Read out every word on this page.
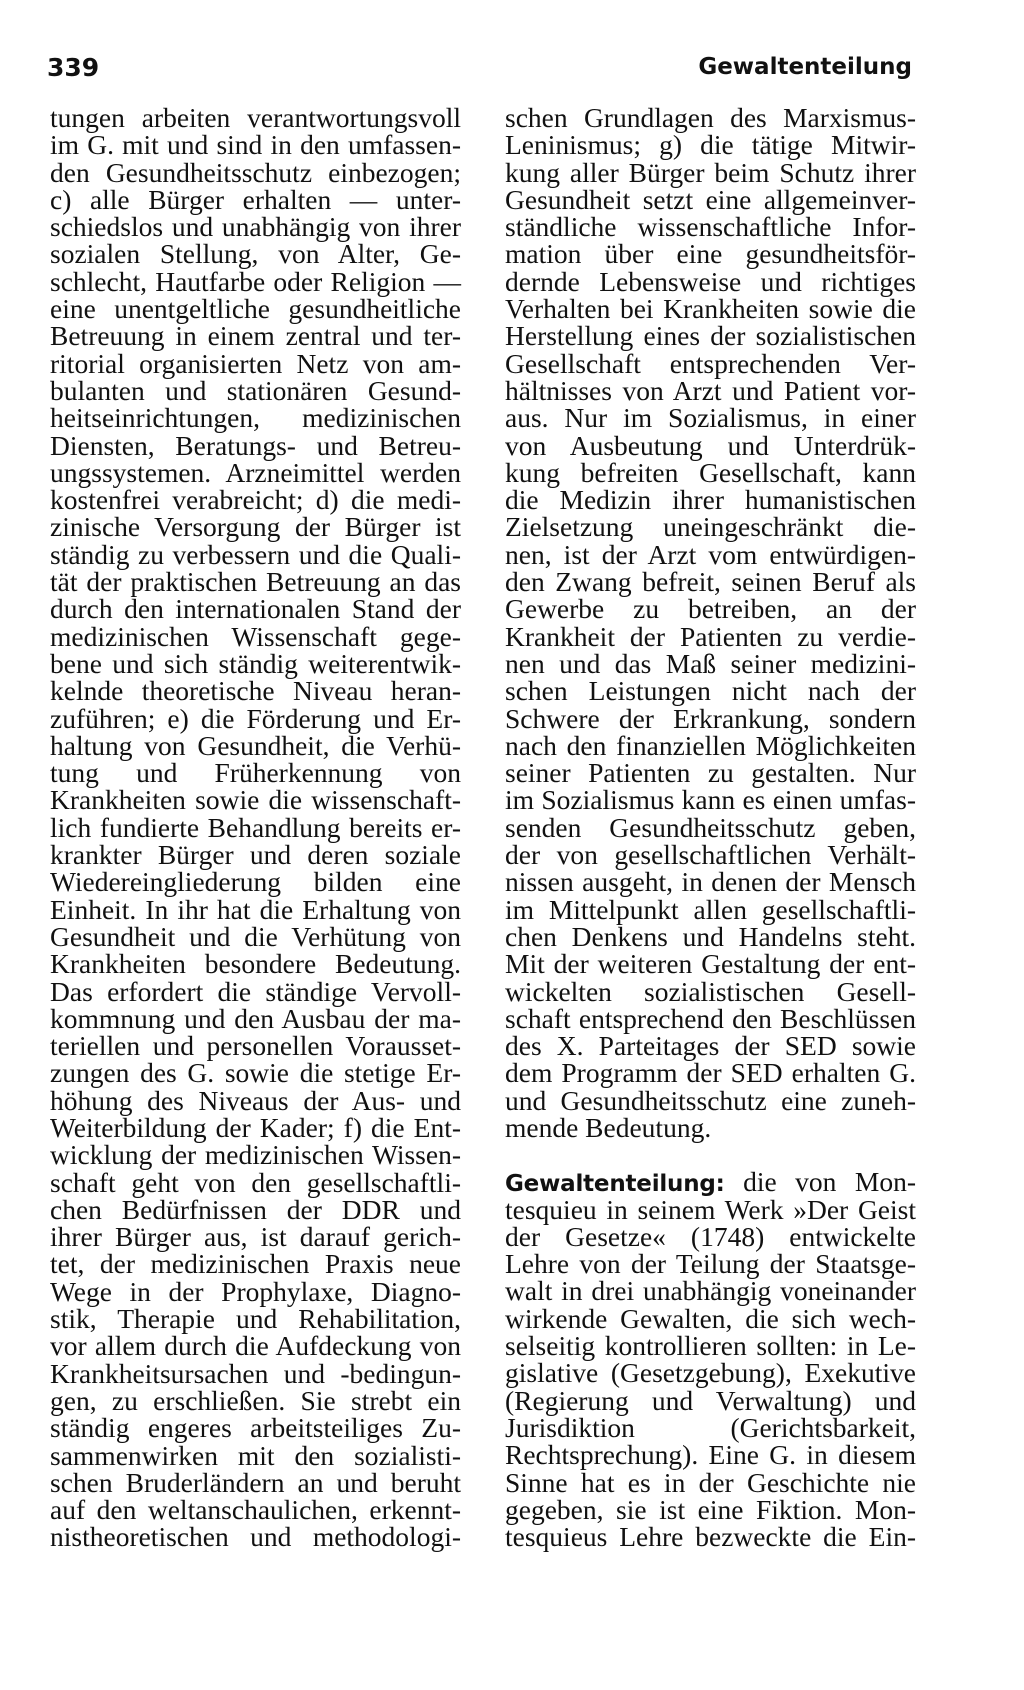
339	Gewaltenteilung
tungen arbeiten verantwortungsvoll
im G. mit und sind in den umfassen-
den Gesundheitsschutz einbezogen;
c) alle Bürger erhalten — unter-
schiedslos und unabhängig von ihrer
sozialen Stellung, von Alter, Ge-
schlecht, Hautfarbe oder Religion —
eine unentgeltliche gesundheitliche
Betreuung in einem zentral und ter-
ritorial organisierten Netz von am-
bulanten und stationären Gesund-
heitseinrichtungen, medizinischen
Diensten, Beratungs- und Betreu-
ungssystemen. Arzneimittel werden
kostenfrei verabreicht; d) die medi-
zinische Versorgung der Bürger ist
ständig zu verbessern und die Quali-
tät der praktischen Betreuung an das
durch den internationalen Stand der
medizinischen Wissenschaft gege-
bene und sich ständig weiterentwik-
kelnde theoretische Niveau heran-
zuführen; e) die Förderung und Er-
haltung von Gesundheit, die Verhü-
tung und Früherkennung von
Krankheiten sowie die wissenschaft-
lich fundierte Behandlung bereits er-
krankter Bürger und deren soziale
Wiedereingliederung bilden eine
Einheit. In ihr hat die Erhaltung von
Gesundheit und die Verhütung von
Krankheiten besondere Bedeutung.
Das erfordert die ständige Vervoll-
kommnung und den Ausbau der ma-
teriellen und personellen Vorausset-
zungen des G. sowie die stetige Er-
höhung des Niveaus der Aus- und
Weiterbildung der Kader; f) die Ent-
wicklung der medizinischen Wissen-
schaft geht von den gesellschaftli-
chen Bedürfnissen der DDR und
ihrer Bürger aus, ist darauf gerich-
tet, der medizinischen Praxis neue
Wege in der Prophylaxe, Diagno-
stik, Therapie und Rehabilitation,
vor allem durch die Aufdeckung von
Krankheitsursachen und -bedingun-
gen, zu erschließen. Sie strebt ein
ständig engeres arbeitsteiliges Zu-
sammenwirken mit den sozialisti-
schen Bruderländern an und beruht
auf den weltanschaulichen, erkennt-
nistheoretischen und methodologi-
schen Grundlagen des Marxismus-
Leninismus; g) die tätige Mitwir-
kung aller Bürger beim Schutz ihrer
Gesundheit setzt eine allgemeinver-
ständliche wissenschaftliche Infor-
mation über eine gesundheitsför-
dernde Lebensweise und richtiges
Verhalten bei Krankheiten sowie die
Herstellung eines der sozialistischen
Gesellschaft entsprechenden Ver-
hältnisses von Arzt und Patient vor-
aus. Nur im Sozialismus, in einer
von Ausbeutung und Unterdrük-
kung befreiten Gesellschaft, kann
die Medizin ihrer humanistischen
Zielsetzung uneingeschränkt die-
nen, ist der Arzt vom entwürdigen-
den Zwang befreit, seinen Beruf als
Gewerbe zu betreiben, an der
Krankheit der Patienten zu verdie-
nen und das Maß seiner medizini-
schen Leistungen nicht nach der
Schwere der Erkrankung, sondern
nach den finanziellen Möglichkeiten
seiner Patienten zu gestalten. Nur
im Sozialismus kann es einen umfas-
senden Gesundheitsschutz geben,
der von gesellschaftlichen Verhält-
nissen ausgeht, in denen der Mensch
im Mittelpunkt allen gesellschaftli-
chen Denkens und Handelns steht.
Mit der weiteren Gestaltung der ent-
wickelten sozialistischen Gesell-
schaft entsprechend den Beschlüssen
des X. Parteitages der SED sowie
dem Programm der SED erhalten G.
und Gesundheitsschutz eine zuneh-
mende Bedeutung.
Gewaltenteilung: die von Mon-
tesquieu in seinem Werk »Der Geist
der Gesetze« (1748) entwickelte
Lehre von der Teilung der Staatsge-
walt in drei unabhängig voneinander
wirkende Gewalten, die sich wech-
selseitig kontrollieren sollten: in Le-
gislative (Gesetzgebung), Exekutive
(Regierung und Verwaltung) und
Jurisdiktion (Gerichtsbarkeit,
Rechtsprechung). Eine G. in diesem
Sinne hat es in der Geschichte nie
gegeben, sie ist eine Fiktion. Mon-
tesquieus Lehre bezweckte die Ein-
